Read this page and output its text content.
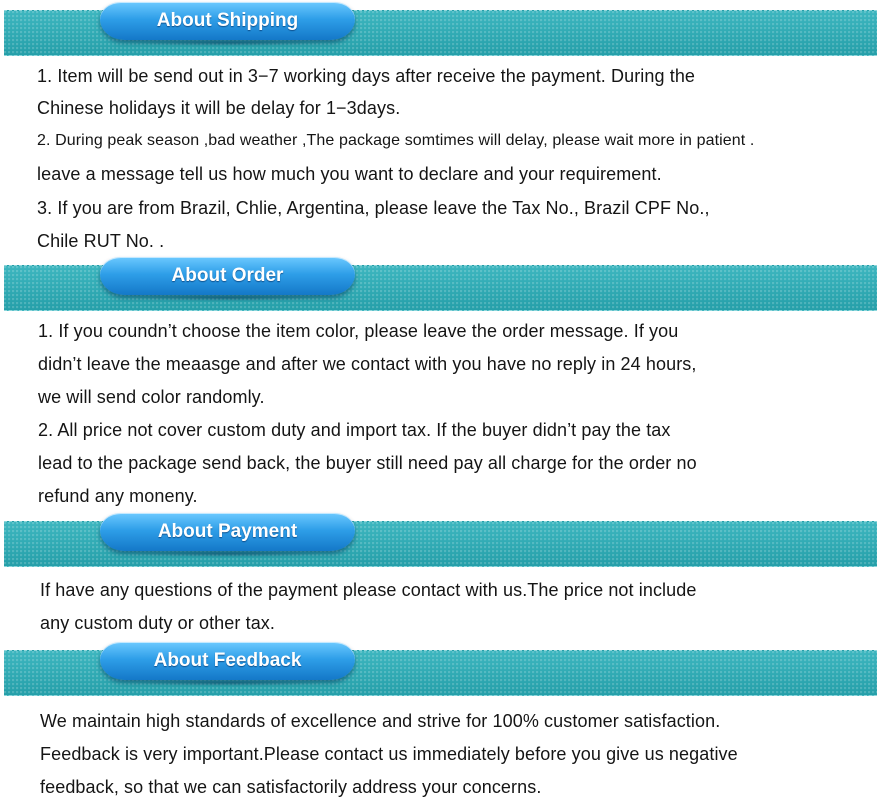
About Shipping
1. Item will be send out in 3−7 working days after receive the payment. During the
Chinese holidays it will be delay for 1−3days.
2. During peak season ,bad weather ,The package somtimes will delay, please wait more in patient .
leave a message tell us how much you want to declare and your requirement.
3. If you are from Brazil, Chlie, Argentina, please leave the Tax No., Brazil CPF No.,
Chile RUT No. .
About Order
1. If you coundn’t choose the item color, please leave the order message. If you
didn’t leave the meaasge and after we contact with you have no reply in 24 hours,
we will send color randomly.
2. All price not cover custom duty and import tax. If the buyer didn’t pay the tax
lead to the package send back, the buyer still need pay all charge for the order no
refund any moneny.
About Payment
If have any questions of the payment please contact with us.The price not include
any custom duty or other tax.
About Feedback
We maintain high standards of excellence and strive for 100% customer satisfaction.
Feedback is very important.Please contact us immediately before you give us negative
feedback, so that we can satisfactorily address your concerns.
